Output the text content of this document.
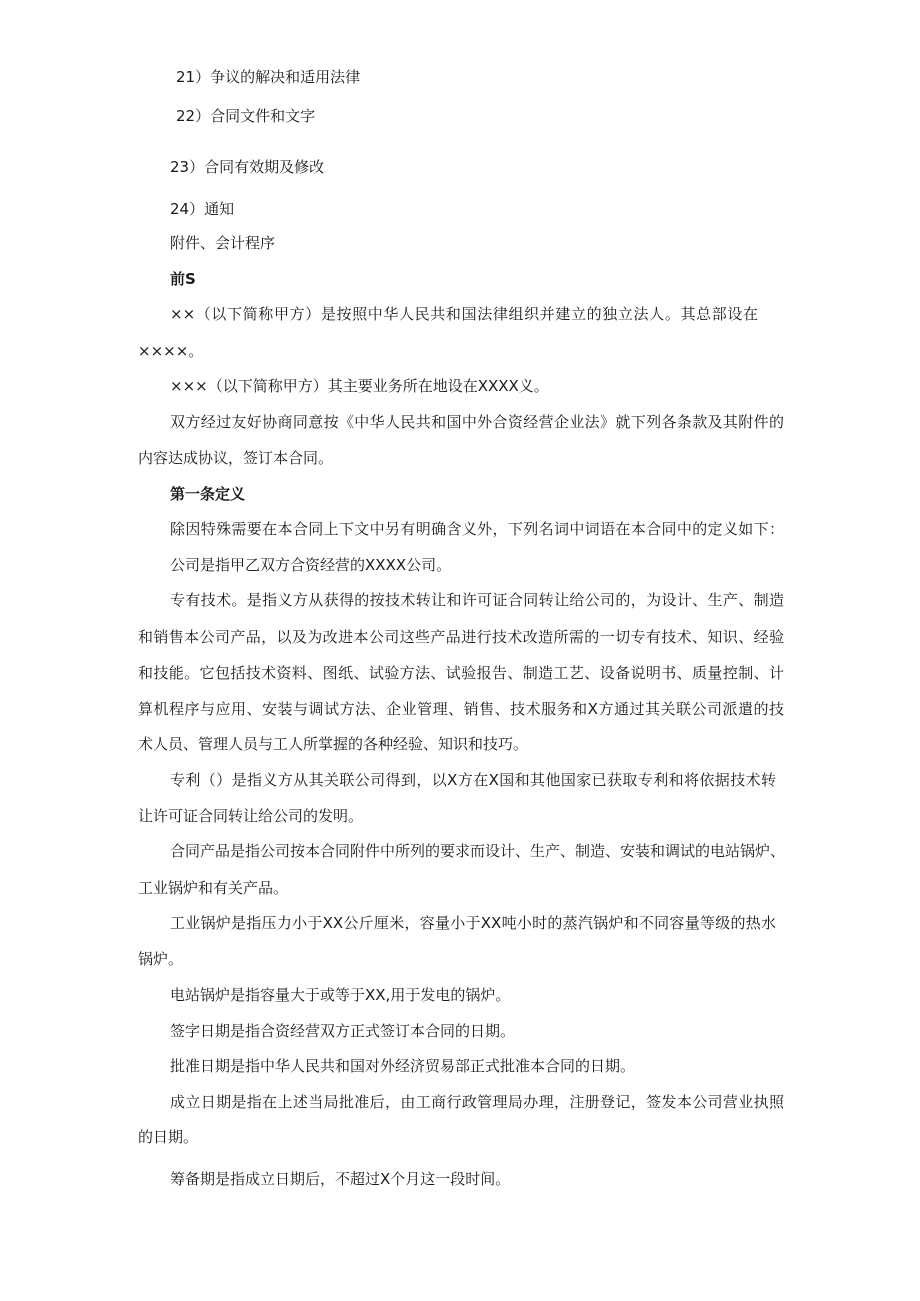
21）争议的解决和适用法律
22）合同文件和文字
23）合同有效期及修改
24）通知
附件、会计程序
前S
××（以下简称甲方）是按照中华人民共和国法律组织并建立的独立法人。其总部设在
××××。
×××（以下简称甲方）其主要业务所在地设在XXXX义。
双方经过友好协商同意按《中华人民共和国中外合资经营企业法》就下列各条款及其附件的
内容达成协议，签订本合同。
第一条定义
除因特殊需要在本合同上下文中另有明确含义外，下列名词中词语在本合同中的定义如下：
公司是指甲乙双方合资经营的XXXX公司。
专有技术。是指义方从获得的按技术转让和许可证合同转让给公司的，为设计、生产、制造
和销售本公司产品，以及为改进本公司这些产品进行技术改造所需的一切专有技术、知识、经验
和技能。它包括技术资料、图纸、试验方法、试验报告、制造工艺、设备说明书、质量控制、计
算机程序与应用、安装与调试方法、企业管理、销售、技术服务和X方通过其关联公司派遣的技
术人员、管理人员与工人所掌握的各种经验、知识和技巧。
专利（）是指义方从其关联公司得到，以X方在X国和其他国家已获取专利和将依据技术转
让许可证合同转让给公司的发明。
合同产品是指公司按本合同附件中所列的要求而设计、生产、制造、安装和调试的电站锅炉、
工业锅炉和有关产品。
工业锅炉是指压力小于XX公斤厘米，容量小于XX吨小时的蒸汽锅炉和不同容量等级的热水
锅炉。
电站锅炉是指容量大于或等于XX,用于发电的锅炉。
签字日期是指合资经营双方正式签订本合同的日期。
批准日期是指中华人民共和国对外经济贸易部正式批准本合同的日期。
成立日期是指在上述当局批准后，由工商行政管理局办理，注册登记，签发本公司营业执照
的日期。
筹备期是指成立日期后，不超过X个月这一段时间。
